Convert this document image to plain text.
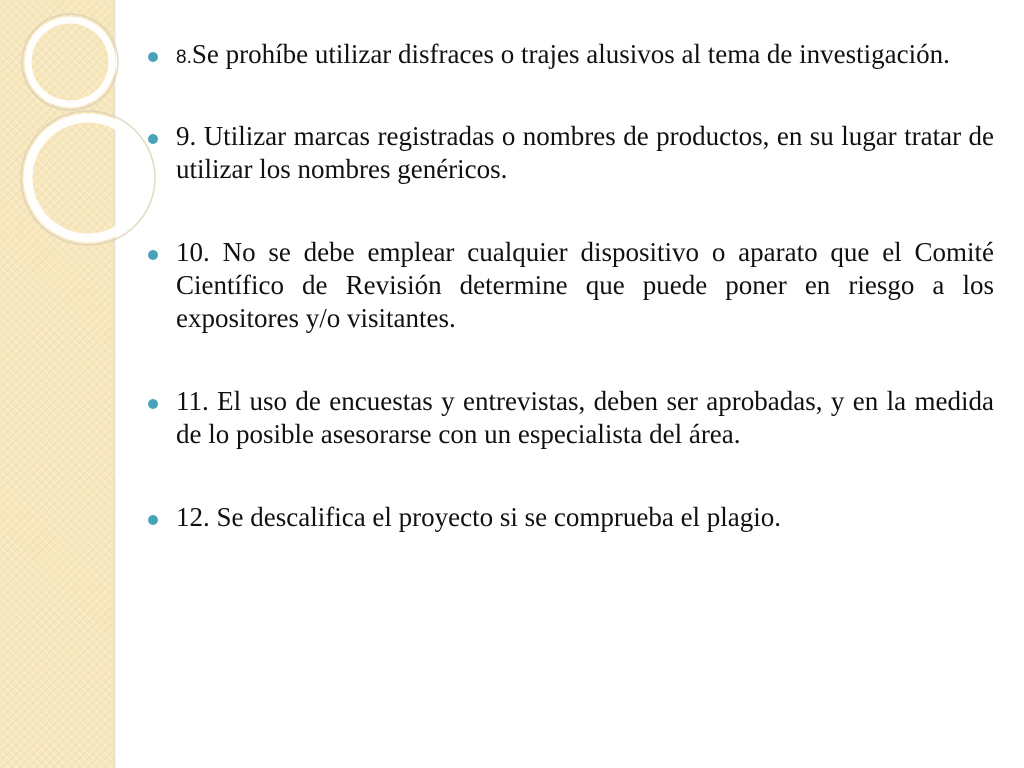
8.Se prohíbe utilizar disfraces o trajes alusivos al tema de investigación.

9. Utilizar marcas registradas o nombres de productos, en su lugar tratar de utilizar los nombres genéricos.

10. No se debe emplear cualquier dispositivo o aparato que el Comité Científico de Revisión determine que puede poner en riesgo a los expositores y/o visitantes.

11. El uso de encuestas y entrevistas, deben ser aprobadas, y en la medida de lo posible asesorarse con un especialista del área.

12. Se descalifica el proyecto si se comprueba el plagio.
